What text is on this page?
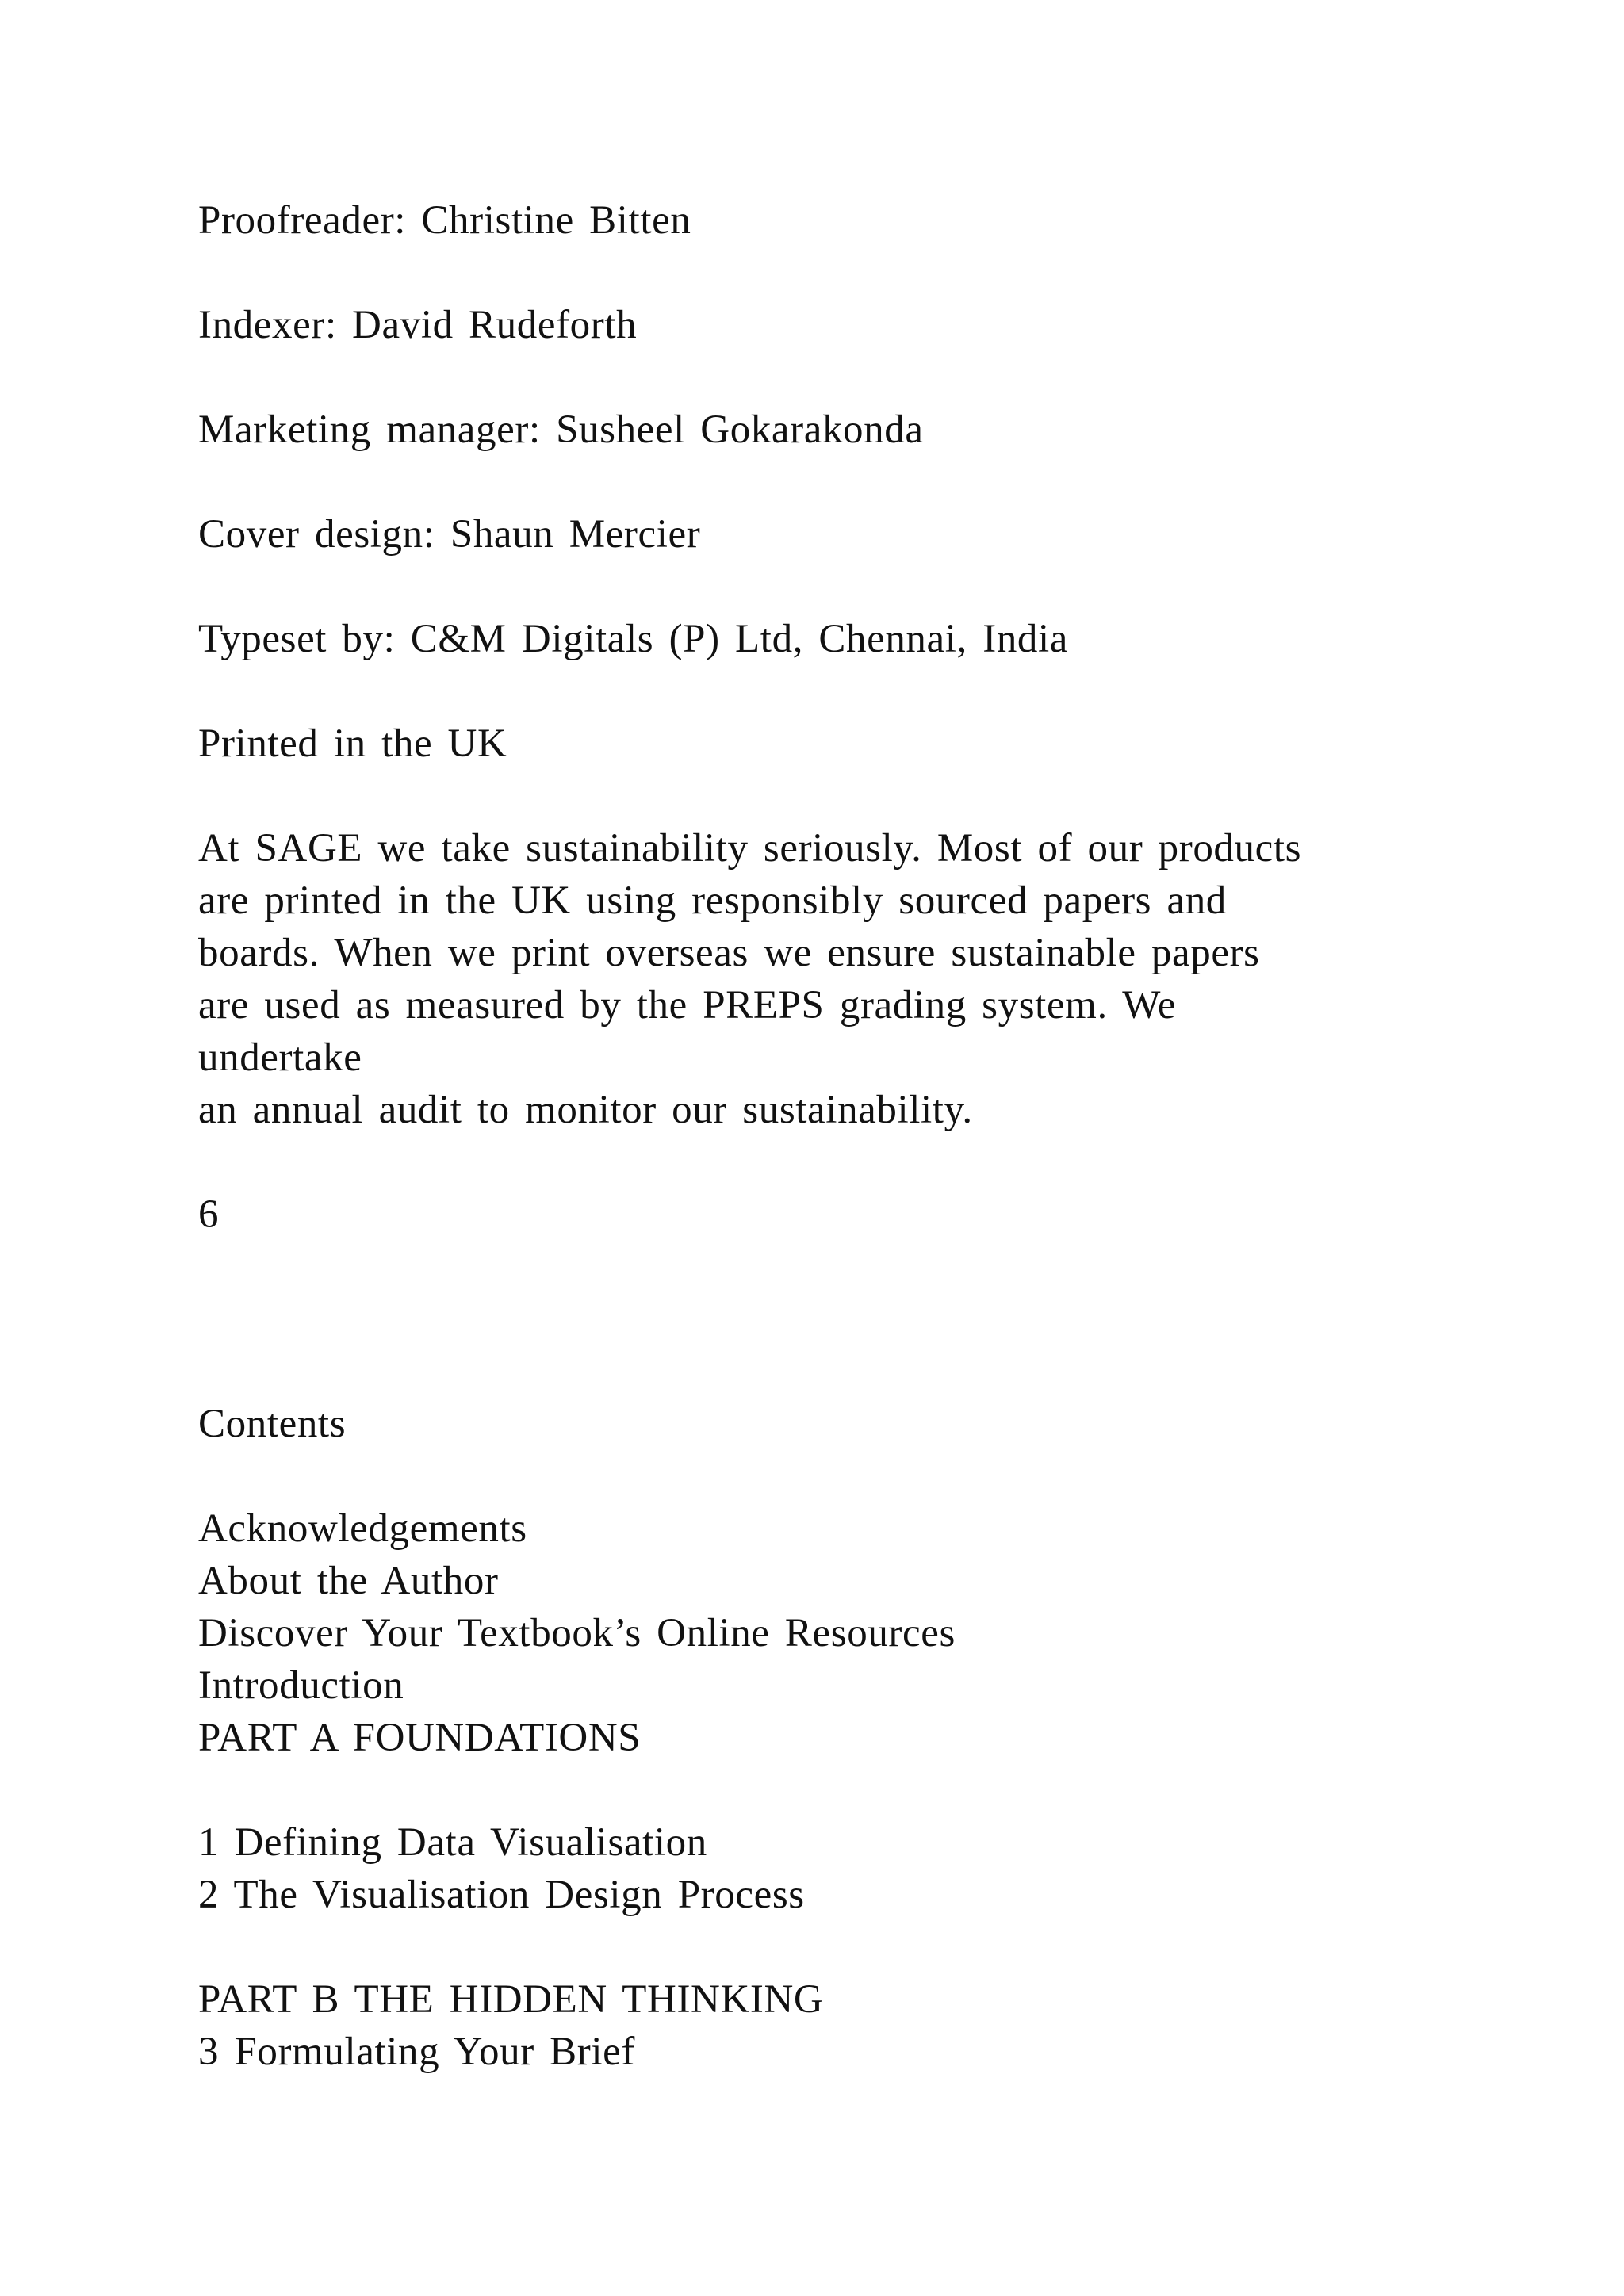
Proofreader: Christine Bitten
Indexer: David Rudeforth
Marketing manager: Susheel Gokarakonda
Cover design: Shaun Mercier
Typeset by: C&M Digitals (P) Ltd, Chennai, India
Printed in the UK
At SAGE we take sustainability seriously. Most of our products
are printed in the UK using responsibly sourced papers and
boards. When we print overseas we ensure sustainable papers
are used as measured by the PREPS grading system. We
undertake
an annual audit to monitor our sustainability.
6
Contents
Acknowledgements
About the Author
Discover Your Textbook’s Online Resources
Introduction
PART A FOUNDATIONS
1 Defining Data Visualisation
2 The Visualisation Design Process
PART B THE HIDDEN THINKING
3 Formulating Your Brief
